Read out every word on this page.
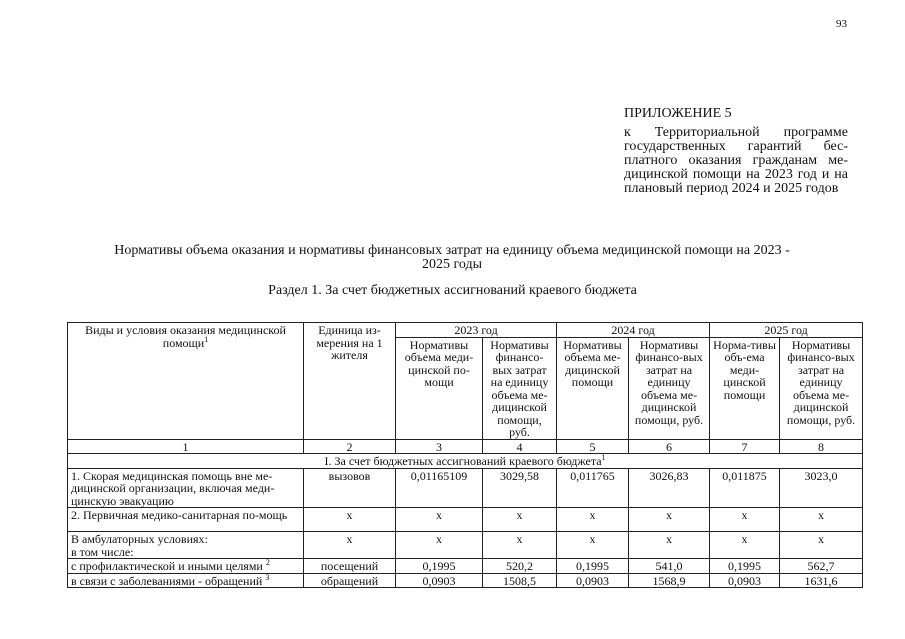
93
ПРИЛОЖЕНИЕ 5
к Территориальной программе государственных гарантий бес-платного оказания гражданам ме-дицинской помощи на 2023 год и на плановый период 2024 и 2025 годов
Нормативы объема оказания и нормативы финансовых затрат на единицу объема медицинской помощи на 2023 - 2025 годы
Раздел 1. За счет бюджетных ассигнований краевого бюджета
Виды и условия оказания медицинской помощи$^1$	Единица из-мерения на 1 жителя	2023 год		2024 год		2025 год	
		Нормативы объема меди-цинской по-мощи	Нормативы финансо-вых затрат на единицу объема ме-дицинской помощи, руб.	Нормативы объема ме-дицинской помощи	Нормативы финансо-вых затрат на единицу объема ме-дицинской помощи, руб.	Норма-тивы объ-ема меди-цинской помощи	Нормативы финансо-вых затрат на единицу объема ме-дицинской помощи, руб.
1	2	3	4	5	6	7	8
I. За счет бюджетных ассигнований краевого бюджета$^1$
1. Скорая медицинская помощь вне ме-дицинской организации, включая меди-цинскую эвакуацию	вызовов	0,01165109	3029,58	0,011765	3026,83	0,011875	3023,0
2. Первичная медико-санитарная по-мощь	х	х	х	х	х	х	х

В амбулаторных условиях:
в том числе:	х	х	х	х	х	х	х
с профилактической и иными целями $^2$	посещений	0,1995	520,2	0,1995	541,0	0,1995	562,7
в связи с заболеваниями - обращений $^3$	обращений	0,0903	1508,5	0,0903	1568,9	0,0903	1631,6
